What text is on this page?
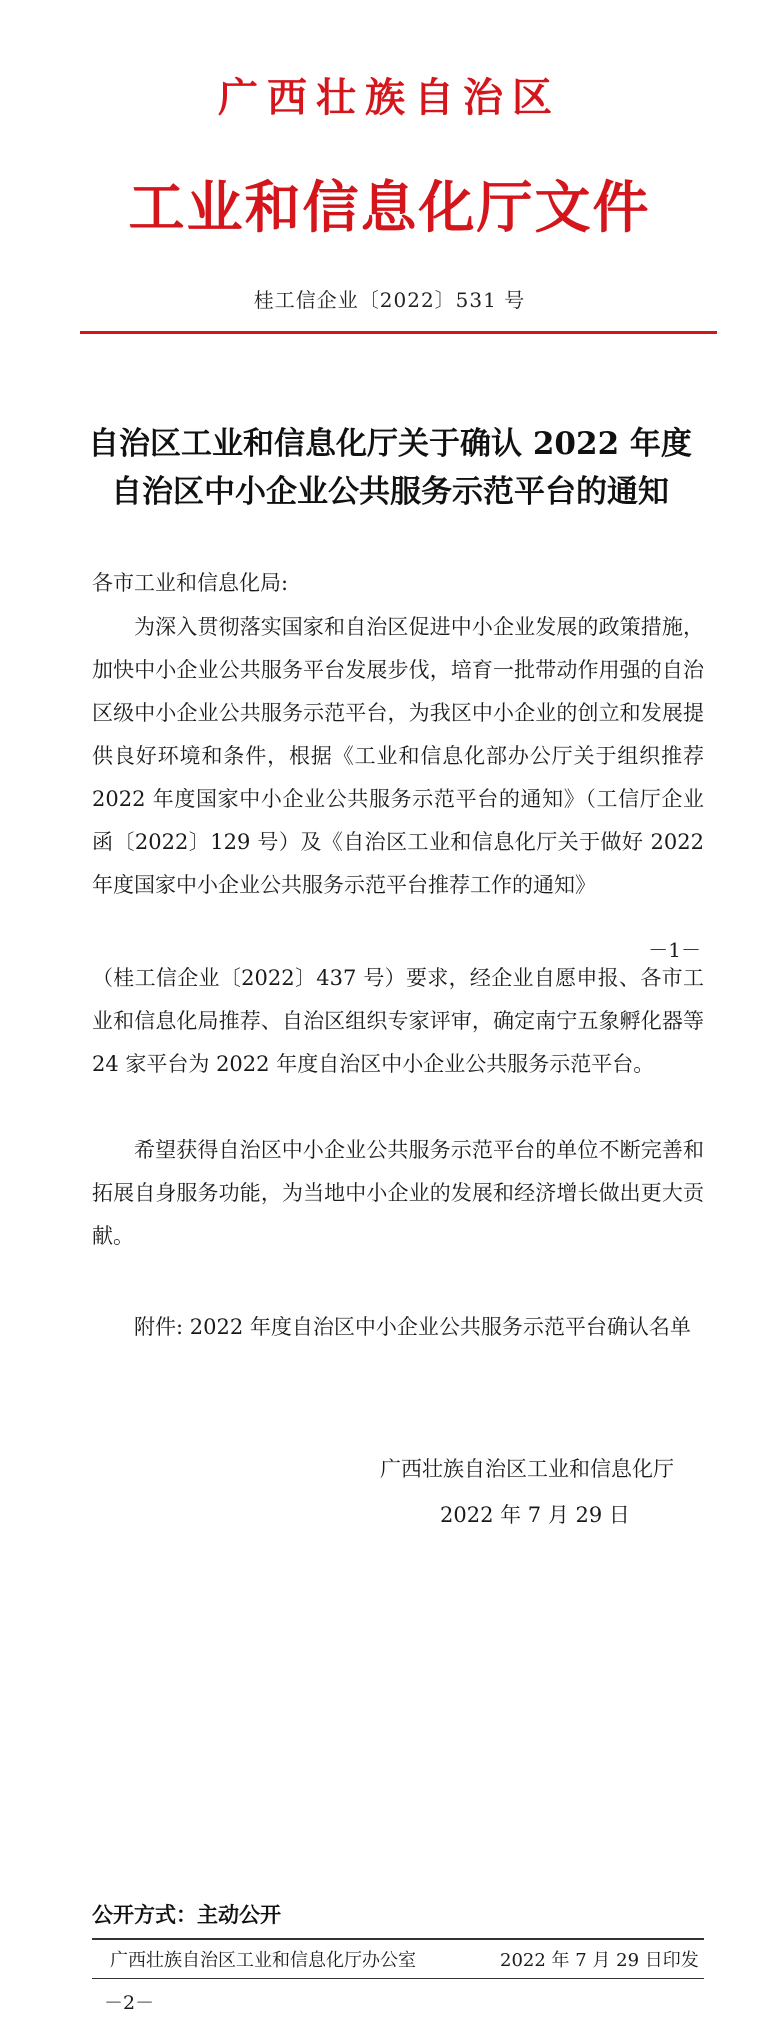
广西壮族自治区
工业和信息化厅文件
桂工信企业〔2022〕531 号
自治区工业和信息化厅关于确认 2022 年度
自治区中小企业公共服务示范平台的通知
各市工业和信息化局:
为深入贯彻落实国家和自治区促进中小企业发展的政策措施，加快中小企业公共服务平台发展步伐，培育一批带动作用强的自治区级中小企业公共服务示范平台，为我区中小企业的创立和发展提供良好环境和条件，根据《工业和信息化部办公厅关于组织推荐 2022 年度国家中小企业公共服务示范平台的通知》（工信厅企业函〔2022〕129 号）及《自治区工业和信息化厅关于做好 2022 年度国家中小企业公共服务示范平台推荐工作的通知》
－1－
（桂工信企业〔2022〕437 号）要求，经企业自愿申报、各市工业和信息化局推荐、自治区组织专家评审，确定南宁五象孵化器等 24 家平台为 2022 年度自治区中小企业公共服务示范平台。
希望获得自治区中小企业公共服务示范平台的单位不断完善和拓展自身服务功能，为当地中小企业的发展和经济增长做出更大贡献。
附件: 2022 年度自治区中小企业公共服务示范平台确认名单
广西壮族自治区工业和信息化厅
2022 年 7 月 29 日
公开方式：主动公开
广西壮族自治区工业和信息化厅办公室	2022 年 7 月 29 日印发
－2－
